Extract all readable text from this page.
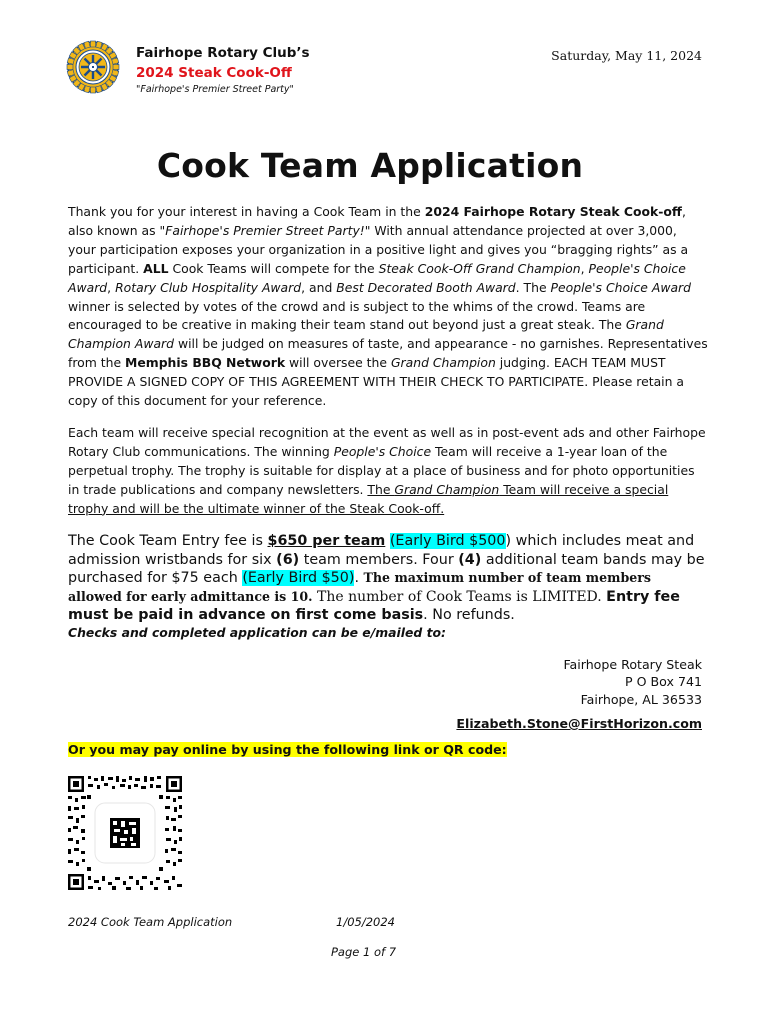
Fairhope Rotary Club’s
2024 Steak Cook-Off
"Fairhope's Premier Street Party"
Saturday, May 11, 2024
Cook Team Application
Thank you for your interest in having a Cook Team in the 2024 Fairhope Rotary Steak Cook-off, also known as "Fairhope's Premier Street Party!" With annual attendance projected at over 3,000, your participation exposes your organization in a positive light and gives you “bragging rights” as a participant. ALL Cook Teams will compete for the Steak Cook-Off Grand Champion, People's Choice Award, Rotary Club Hospitality Award, and Best Decorated Booth Award. The People's Choice Award winner is selected by votes of the crowd and is subject to the whims of the crowd. Teams are encouraged to be creative in making their team stand out beyond just a great steak. The Grand Champion Award will be judged on measures of taste, and appearance - no garnishes. Representatives from the Memphis BBQ Network will oversee the Grand Champion judging. EACH TEAM MUST PROVIDE A SIGNED COPY OF THIS AGREEMENT WITH THEIR CHECK TO PARTICIPATE. Please retain a copy of this document for your reference.
Each team will receive special recognition at the event as well as in post-event ads and other Fairhope Rotary Club communications. The winning People's Choice Team will receive a 1-year loan of the perpetual trophy. The trophy is suitable for display at a place of business and for photo opportunities in trade publications and company newsletters. The Grand Champion Team will receive a special trophy and will be the ultimate winner of the Steak Cook-off.
The Cook Team Entry fee is $650 per team (Early Bird $500) which includes meat and admission wristbands for six (6) team members. Four (4) additional team bands may be purchased for $75 each (Early Bird $50). The maximum number of team members allowed for early admittance is 10. The number of Cook Teams is LIMITED. Entry fee must be paid in advance on first come basis. No refunds.
Checks and completed application can be e/mailed to:
Fairhope Rotary Steak
P O Box 741
Fairhope, AL 36533
Elizabeth.Stone@FirstHorizon.com
Or you may pay online by using the following link or QR code:
2024 Cook Team Application	1/05/2024
Page 1 of 7
